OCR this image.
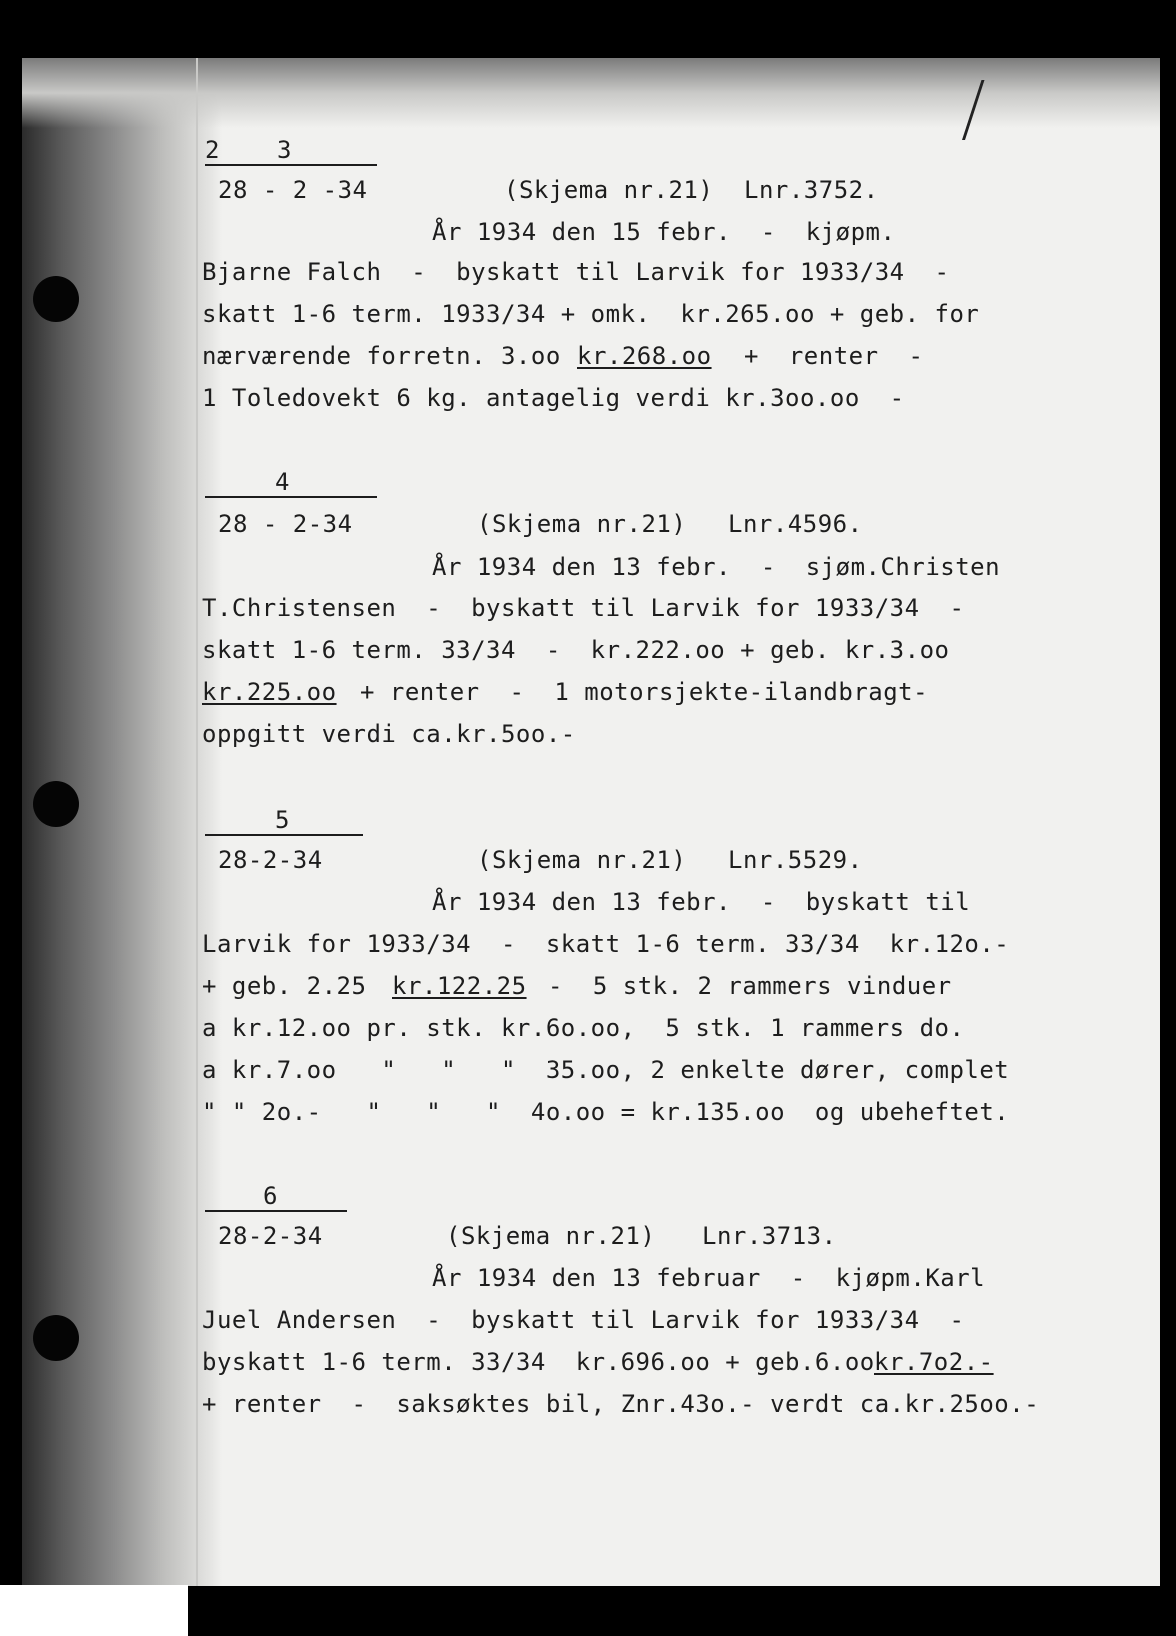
2 3
28 - 2 -34	(Skjema nr.21) Lnr.3752.
År 1934 den 15 febr.  -  kjøpm.
Bjarne Falch  -  byskatt til Larvik for 1933/34  -
skatt 1-6 term. 1933/34 + omk.  kr.265.oo + geb. for
nærværende forretn. 3.oo kr.268.oo +  renter  -
1 Toledovekt 6 kg. antagelig verdi kr.3oo.oo  -
4
28 - 2-34	(Skjema nr.21) Lnr.4596.
År 1934 den 13 febr.  -  sjøm.Christen
T.Christensen  -  byskatt til Larvik for 1933/34  -
skatt 1-6 term. 33/34  -  kr.222.oo + geb. kr.3.oo
kr.225.oo + renter  -  1 motorsjekte-ilandbragt-
oppgitt verdi ca.kr.5oo.-
5
28-2-34	(Skjema nr.21) Lnr.5529.
År 1934 den 13 febr.  -  byskatt til
Larvik for 1933/34  -  skatt 1-6 term. 33/34  kr.12o.-
+ geb. 2.25 kr.122.25 -  5 stk. 2 rammers vinduer
a kr.12.oo pr. stk. kr.6o.oo,  5 stk. 1 rammers do.
a kr.7.oo   "   "   "  35.oo, 2 enkelte dører, complet
" " 2o.-   "   "   "  4o.oo = kr.135.oo  og ubeheftet.
6
28-2-34	(Skjema nr.21) Lnr.3713.
År 1934 den 13 februar  -  kjøpm.Karl
Juel Andersen  -  byskatt til Larvik for 1933/34  -
byskatt 1-6 term. 33/34  kr.696.oo + geb.6.oo kr.7o2.-
+ renter  -  saksøktes bil, Znr.43o.- verdt ca.kr.25oo.-
